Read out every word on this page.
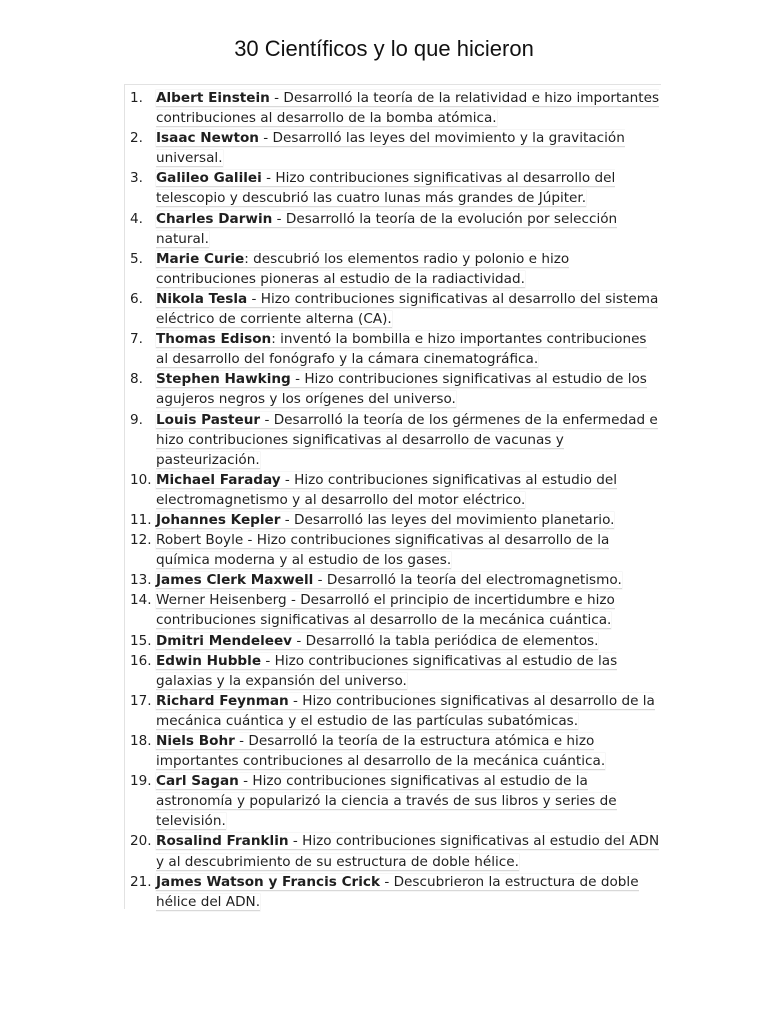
30 Científicos y lo que hicieron
1. Albert Einstein - Desarrolló la teoría de la relatividad e hizo importantes contribuciones al desarrollo de la bomba atómica.
2. Isaac Newton - Desarrolló las leyes del movimiento y la gravitación universal.
3. Galileo Galilei - Hizo contribuciones significativas al desarrollo del telescopio y descubrió las cuatro lunas más grandes de Júpiter.
4. Charles Darwin - Desarrolló la teoría de la evolución por selección natural.
5. Marie Curie: descubrió los elementos radio y polonio e hizo contribuciones pioneras al estudio de la radiactividad.
6. Nikola Tesla - Hizo contribuciones significativas al desarrollo del sistema eléctrico de corriente alterna (CA).
7. Thomas Edison: inventó la bombilla e hizo importantes contribuciones al desarrollo del fonógrafo y la cámara cinematográfica.
8. Stephen Hawking - Hizo contribuciones significativas al estudio de los agujeros negros y los orígenes del universo.
9. Louis Pasteur - Desarrolló la teoría de los gérmenes de la enfermedad e hizo contribuciones significativas al desarrollo de vacunas y pasteurización.
10. Michael Faraday - Hizo contribuciones significativas al estudio del electromagnetismo y al desarrollo del motor eléctrico.
11. Johannes Kepler - Desarrolló las leyes del movimiento planetario.
12. Robert Boyle - Hizo contribuciones significativas al desarrollo de la química moderna y al estudio de los gases.
13. James Clerk Maxwell - Desarrolló la teoría del electromagnetismo.
14. Werner Heisenberg - Desarrolló el principio de incertidumbre e hizo contribuciones significativas al desarrollo de la mecánica cuántica.
15. Dmitri Mendeleev - Desarrolló la tabla periódica de elementos.
16. Edwin Hubble - Hizo contribuciones significativas al estudio de las galaxias y la expansión del universo.
17. Richard Feynman - Hizo contribuciones significativas al desarrollo de la mecánica cuántica y el estudio de las partículas subatómicas.
18. Niels Bohr - Desarrolló la teoría de la estructura atómica e hizo importantes contribuciones al desarrollo de la mecánica cuántica.
19. Carl Sagan - Hizo contribuciones significativas al estudio de la astronomía y popularizó la ciencia a través de sus libros y series de televisión.
20. Rosalind Franklin - Hizo contribuciones significativas al estudio del ADN y al descubrimiento de su estructura de doble hélice.
21. James Watson y Francis Crick - Descubrieron la estructura de doble hélice del ADN.
